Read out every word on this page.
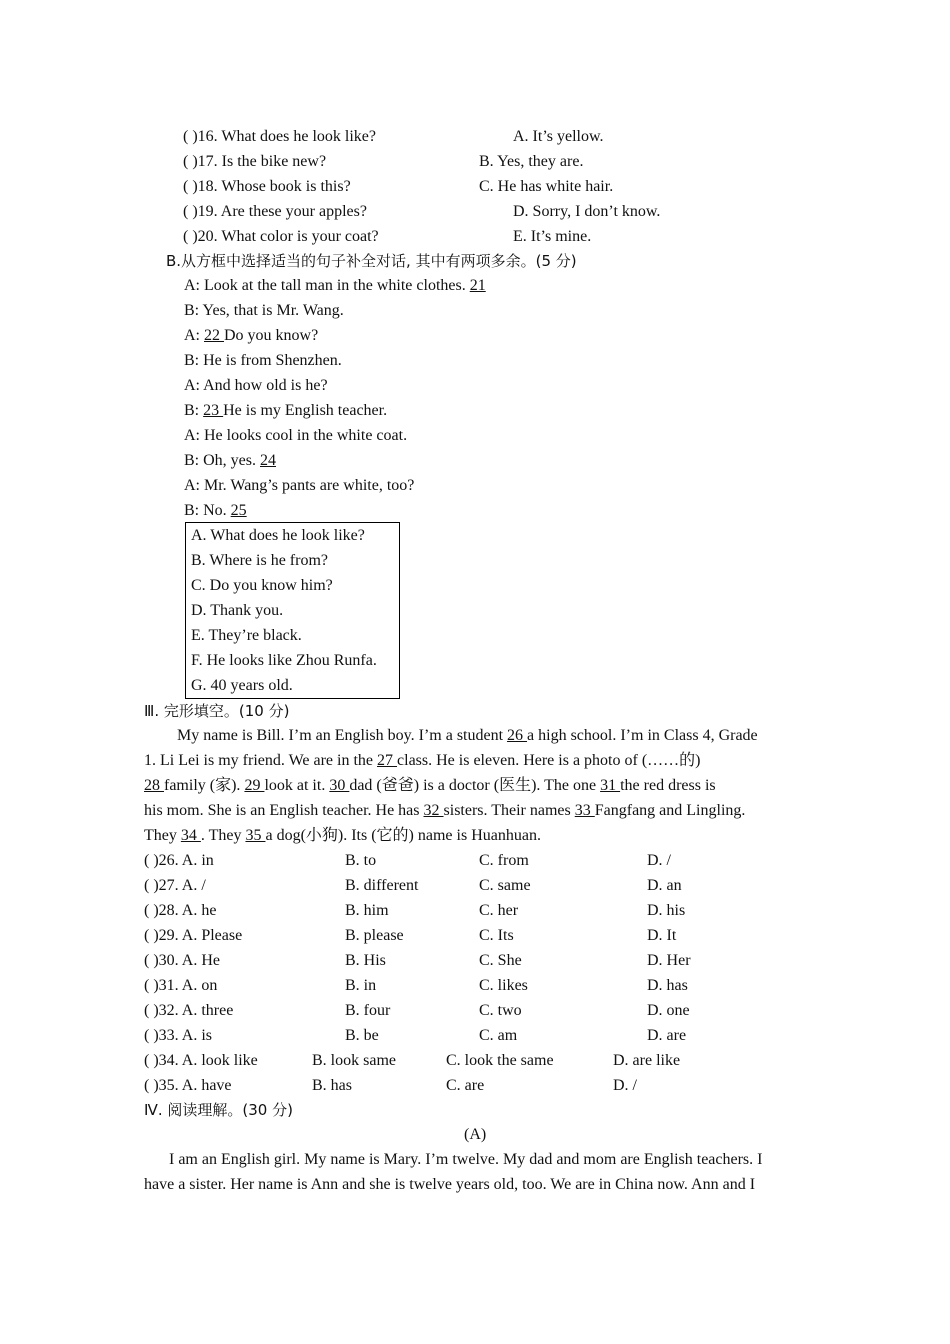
( )16. What does he look like?	A. It’s yellow.
( )17. Is the bike new?	B. Yes, they are.
( )18. Whose book is this?	C. He has white hair.
( )19. Are these your apples?	D. Sorry, I don’t know.
( )20. What color is your coat?	E. It’s mine.
B.从方框中选择适当的句子补全对话, 其中有两项多余。(5 分)
A: Look at the tall man in the white clothes. 21
B: Yes, that is Mr. Wang.
A: 22 Do you know?
B: He is from Shenzhen.
A: And how old is he?
B: 23 He is my English teacher.
A: He looks cool in the white coat.
B: Oh, yes. 24
A: Mr. Wang’s pants are white, too?
B: No. 25
A. What does he look like?
B. Where is he from?
C. Do you know him?
D. Thank you.
E. They’re black.
F. He looks like Zhou Runfa.
G. 40 years old.
Ⅲ. 完形填空。(10 分)
My name is Bill. I’m an English boy. I’m a student 26 a high school. I’m in Class 4, Grade
1. Li Lei is my friend. We are in the 27 class. He is eleven. Here is a photo of (……的)
28 family (家). 29 look at it. 30 dad (爸爸) is a doctor (医生). The one 31 the red dress is
his mom. She is an English teacher. He has 32 sisters. Their names 33 Fangfang and Lingling.
They 34 . They 35 a dog(小狗). Its (它的) name is Huanhuan.
( )26. A. in	B. to	C. from	D. /
( )27. A. /	B. different	C. same	D. an
( )28. A. he	B. him	C. her	D. his
( )29. A. Please	B. please	C. Its	D. It
( )30. A. He	B. His	C. She	D. Her
( )31. A. on	B. in	C. likes	D. has
( )32. A. three	B. four	C. two	D. one
( )33. A. is	B. be	C. am	D. are
( )34. A. look like	B. look same	C. look the same	D. are like
( )35. A. have	B. has	C. are	D. /
Ⅳ. 阅读理解。(30 分)
(A)
I am an English girl. My name is Mary. I’m twelve. My dad and mom are English teachers. I
have a sister. Her name is Ann and she is twelve years old, too. We are in China now. Ann and I
